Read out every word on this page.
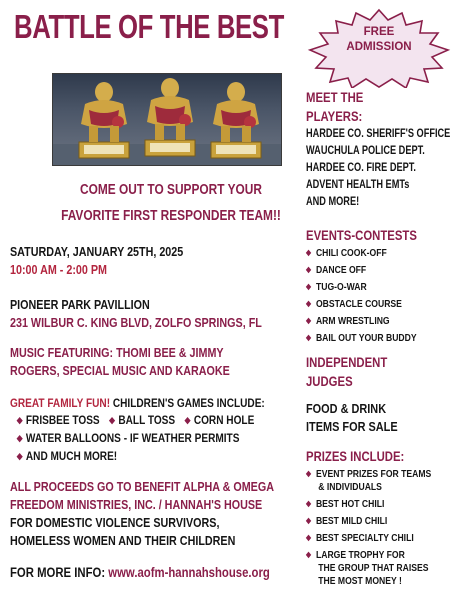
BATTLE OF THE BEST	FREE
ADMISSION
COME OUT TO SUPPORT YOUR
FAVORITE FIRST RESPONDER TEAM!!
SATURDAY, JANUARY 25TH, 2025
10:00 AM - 2:00 PM
PIONEER PARK PAVILLION
231 WILBUR C. KING BLVD, ZOLFO SPRINGS, FL
MUSIC FEATURING: THOMI BEE & JIMMY
ROGERS, SPECIAL MUSIC AND KARAOKE
GREAT FAMILY FUN! CHILDREN'S GAMES INCLUDE:
◆ FRISBEE TOSS ◆ BALL TOSS ◆ CORN HOLE
◆ WATER BALLOONS - IF WEATHER PERMITS
◆ AND MUCH MORE!
ALL PROCEEDS GO TO BENEFIT ALPHA & OMEGA
FREEDOM MINISTRIES, INC. / HANNAH'S HOUSE
FOR DOMESTIC VIOLENCE SURVIVORS,
HOMELESS WOMEN AND THEIR CHILDREN
FOR MORE INFO: www.aofm-hannahshouse.org
MEET THE
PLAYERS:
HARDEE CO. SHERIFF'S OFFICE
WAUCHULA POLICE DEPT.
HARDEE CO. FIRE DEPT.
ADVENT HEALTH EMTs
AND MORE!
EVENTS-CONTESTS
◆ CHILI COOK-OFF
◆ DANCE OFF
◆ TUG-O-WAR
◆ OBSTACLE COURSE
◆ ARM WRESTLING
◆ BAIL OUT YOUR BUDDY
INDEPENDENT
JUDGES
FOOD & DRINK
ITEMS FOR SALE
PRIZES INCLUDE:
◆ EVENT PRIZES FOR TEAMS
& INDIVIDUALS
◆ BEST HOT CHILI
◆ BEST MILD CHILI
◆ BEST SPECIALTY CHILI
◆ LARGE TROPHY FOR
THE GROUP THAT RAISES
THE MOST MONEY !
